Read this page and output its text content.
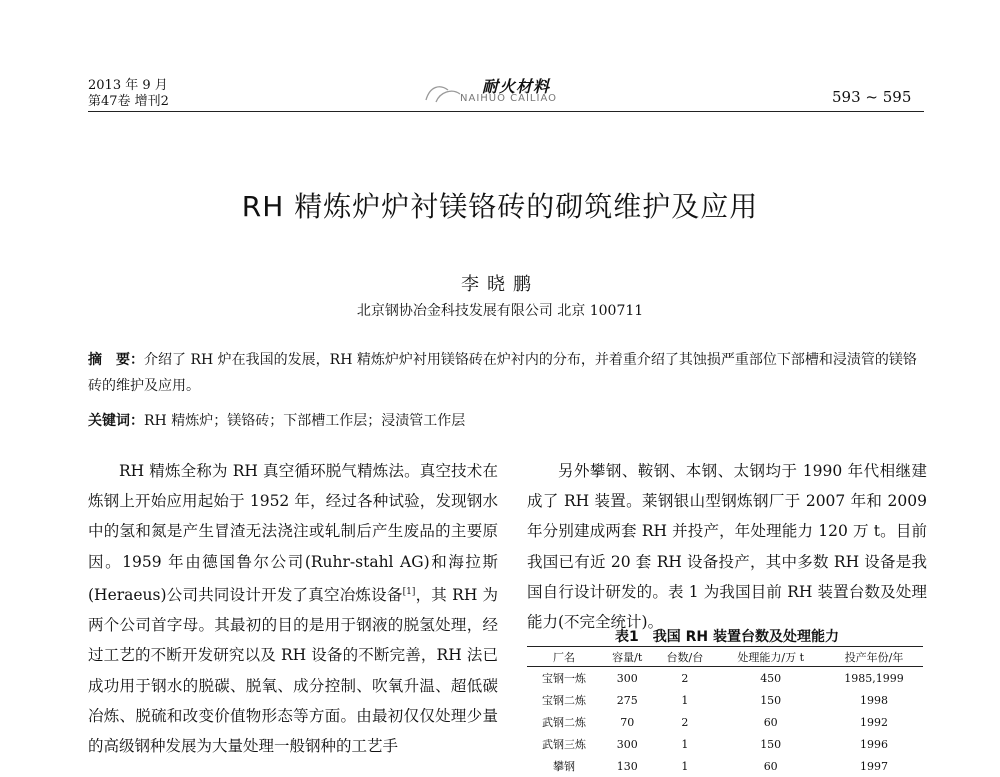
2013 年 9 月
第47卷 增刊2
耐火材料
NAIHUO CAILIAO	593 ~ 595
RH 精炼炉炉衬镁铬砖的砌筑维护及应用
李晓鹏
北京钢协冶金科技发展有限公司 北京 100711
摘　要：介绍了 RH 炉在我国的发展，RH 精炼炉炉衬用镁铬砖在炉衬内的分布，并着重介绍了其蚀损严重部位下部槽和浸渍管的镁铬砖的维护及应用。
关键词：RH 精炼炉；镁铬砖；下部槽工作层；浸渍管工作层

RH 精炼全称为 RH 真空循环脱气精炼法。真空技术在炼钢上开始应用起始于 1952 年，经过各种试验，发现钢水中的氢和氮是产生冒渣无法浇注或轧制后产生废品的主要原因。1959 年由德国鲁尔公司(Ruhr-stahl AG)和海拉斯(Heraeus)公司共同设计开发了真空冶炼设备[1]，其 RH 为两个公司首字母。其最初的目的是用于钢液的脱氢处理，经过工艺的不断开发研究以及 RH 设备的不断完善，RH 法已成功用于钢水的脱碳、脱氧、成分控制、吹氧升温、超低碳冶炼、脱硫和改变价值物形态等方面。由最初仅仅处理少量的高级钢种发展为大量处理一般钢种的工艺手

另外攀钢、鞍钢、本钢、太钢均于 1990 年代相继建成了 RH 装置。莱钢银山型钢炼钢厂于 2007 年和 2009 年分别建成两套 RH 并投产，年处理能力 120 万 t。目前我国已有近 20 套 RH 设备投产，其中多数 RH 设备是我国自行设计研发的。表 1 为我国目前 RH 装置台数及处理能力(不完全统计)。

表1　我国 RH 装置台数及处理能力
厂名	容量/t	台数/台	处理能力/万 t	投产年份/年
宝钢一炼	300	2	450	1985,1999
宝钢二炼	275	1	150	1998
武钢二炼	70	2	60	1992
武钢三炼	300	1	150	1996
攀钢	130	1	60	1997
